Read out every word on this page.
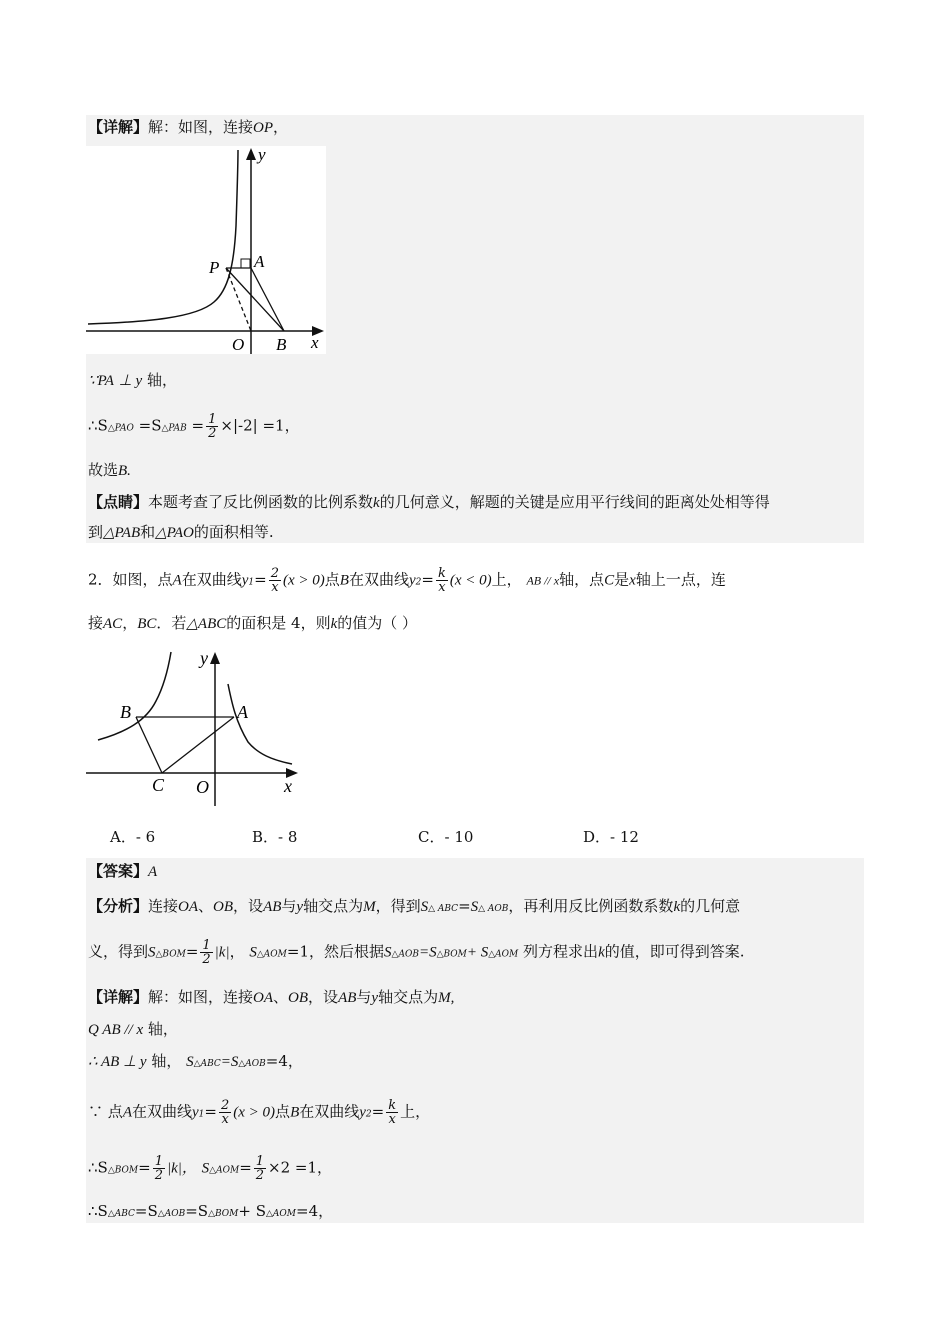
【详解】解：如图，连接OP，
y
P A
O B x
∵PA ⊥ y 轴，
∴S△PAO =S△PAB = $\frac{1}{2} \times|-2| =1$，
故选B.
【点睛】本题考查了反比例函数的比例系数k的几何意义，解题的关键是应用平行线间的距离处处相等得
到△PAB和△PAO的面积相等.
2．如图，点A在双曲线$y1= \frac{2}{x} (x > 0)$点B在双曲线$y2= \frac{k}{x} (x < 0)$上， AB // x轴，点C是x轴上一点，连
接AC，BC．若△ABC的面积是 4，则k的值为（ ）
y
B	A
C O	x
A．- 6	B．- 8	C．- 10	D．- 12
【答案】A
【分析】连接OA、OB，设AB与y轴交点为M，得到S△ ABC=S△ AOB，再利用反比例函数系数k的几何意
义，得到S△BOM= $\frac{1}{2} |k|$， S△AOM=1，然后根据S△AOB=S△BOM+ S△AOM 列方程求出k的值，即可得到答案.
【详解】解：如图，连接OA、OB，设AB与y轴交点为M,
Q AB // x 轴，
∴ AB ⊥ y 轴， S△ABC=S△AOB=4，
∵ 点A在双曲线$y1= \frac{2}{x} (x > 0)$点B在双曲线$y2= \frac{k}{x}$ 上，
∴S△BOM= $\frac{1}{2} |k|$， S△AOM= $\frac{1}{2} \times 2 =1$，
∴S△ABC=S△AOB=S△BOM+ S△AOM=4，
